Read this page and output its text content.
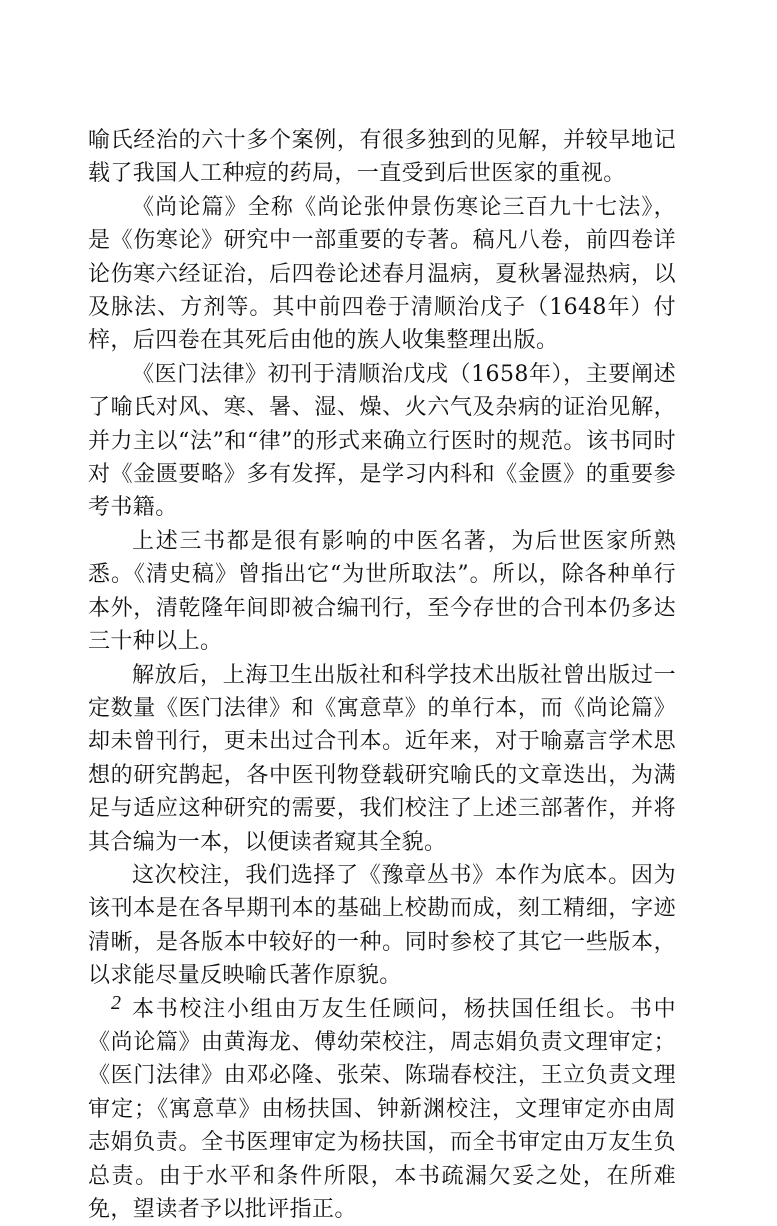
喻氏经治的六十多个案例，有很多独到的见解，并较早地记载了我国人工种痘的药局，一直受到后世医家的重视。

《尚论篇》全称《尚论张仲景伤寒论三百九十七法》，是《伤寒论》研究中一部重要的专著。稿凡八卷，前四卷详论伤寒六经证治，后四卷论述春月温病，夏秋暑湿热病，以及脉法、方剂等。其中前四卷于清顺治戊子（1648年）付梓，后四卷在其死后由他的族人收集整理出版。

《医门法律》初刊于清顺治戊戌（1658年），主要阐述了喻氏对风、寒、暑、湿、燥、火六气及杂病的证治见解，并力主以“法”和“律”的形式来确立行医时的规范。该书同时对《金匮要略》多有发挥，是学习内科和《金匮》的重要参考书籍。

上述三书都是很有影响的中医名著，为后世医家所熟悉。《清史稿》曾指出它“为世所取法”。所以，除各种单行本外，清乾隆年间即被合编刊行，至今存世的合刊本仍多达三十种以上。

解放后，上海卫生出版社和科学技术出版社曾出版过一定数量《医门法律》和《寓意草》的单行本，而《尚论篇》却未曾刊行，更未出过合刊本。近年来，对于喻嘉言学术思想的研究鹊起，各中医刊物登载研究喻氏的文章迭出，为满足与适应这种研究的需要，我们校注了上述三部著作，并将其合编为一本，以便读者窥其全貌。

这次校注，我们选择了《豫章丛书》本作为底本。因为该刊本是在各早期刊本的基础上校勘而成，刻工精细，字迹清晰，是各版本中较好的一种。同时参校了其它一些版本，以求能尽量反映喻氏著作原貌。

本书校注小组由万友生任顾问，杨扶国任组长。书中《尚论篇》由黄海龙、傅幼荣校注，周志娟负责文理审定；《医门法律》由邓必隆、张荣、陈瑞春校注，王立负责文理审定；《寓意草》由杨扶国、钟新渊校注，文理审定亦由周志娟负责。全书医理审定为杨扶国，而全书审定由万友生负总责。由于水平和条件所限，本书疏漏欠妥之处，在所难免，望读者予以批评指正。

2
